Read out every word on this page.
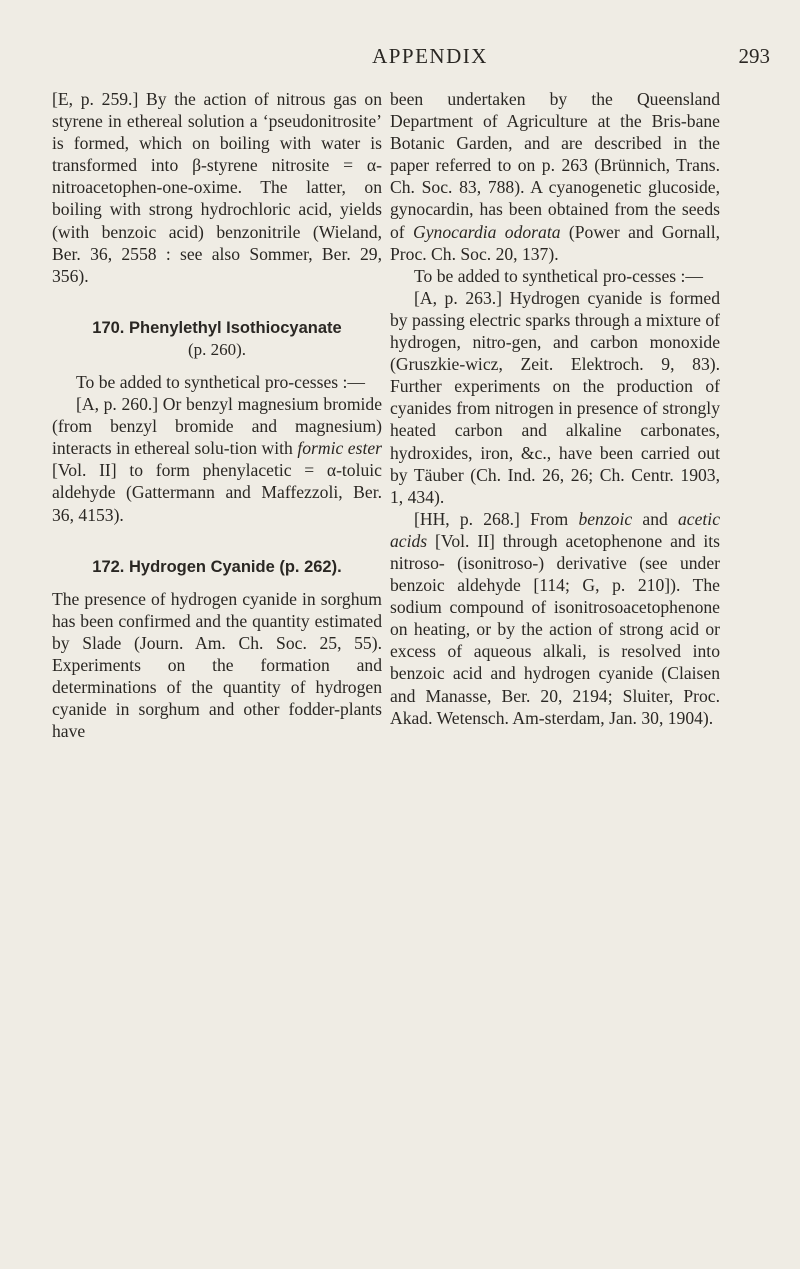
APPENDIX	293

[E, p. 259.] By the action of nitrous gas on styrene in ethereal solution a ‘pseudonitrosite’ is formed, which on boiling with water is transformed into β-styrene nitrosite = α-nitroacetophen-one-oxime. The latter, on boiling with strong hydrochloric acid, yields (with benzoic acid) benzonitrile (Wieland, Ber. 36, 2558 : see also Sommer, Ber. 29, 356).

170. Phenylethyl Isothiocyanate
(p. 260).

To be added to synthetical pro-cesses :—

[A, p. 260.] Or benzyl magnesium bromide (from benzyl bromide and magnesium) interacts in ethereal solu-tion with formic ester [Vol. II] to form phenylacetic = α-toluic aldehyde (Gattermann and Maffezzoli, Ber. 36, 4153).

172. Hydrogen Cyanide (p. 262).

The presence of hydrogen cyanide in sorghum has been confirmed and the quantity estimated by Slade (Journ. Am. Ch. Soc. 25, 55). Experiments on the formation and determinations of the quantity of hydrogen cyanide in sorghum and other fodder-plants have

been undertaken by the Queensland Department of Agriculture at the Bris-bane Botanic Garden, and are described in the paper referred to on p. 263 (Brünnich, Trans. Ch. Soc. 83, 788). A cyanogenetic glucoside, gynocardin, has been obtained from the seeds of Gynocardia odorata (Power and Gornall, Proc. Ch. Soc. 20, 137).

To be added to synthetical pro-cesses :—

[A, p. 263.] Hydrogen cyanide is formed by passing electric sparks through a mixture of hydrogen, nitro-gen, and carbon monoxide (Gruszkie-wicz, Zeit. Elektroch. 9, 83). Further experiments on the production of cyanides from nitrogen in presence of strongly heated carbon and alkaline carbonates, hydroxides, iron, &c., have been carried out by Täuber (Ch. Ind. 26, 26; Ch. Centr. 1903, 1, 434).

[HH, p. 268.] From benzoic and acetic acids [Vol. II] through acetophenone and its nitroso- (isonitroso-) derivative (see under benzoic aldehyde [114; G, p. 210]). The sodium compound of isonitrosoacetophenone on heating, or by the action of strong acid or excess of aqueous alkali, is resolved into benzoic acid and hydrogen cyanide (Claisen and Manasse, Ber. 20, 2194; Sluiter, Proc. Akad. Wetensch. Am-sterdam, Jan. 30, 1904).
